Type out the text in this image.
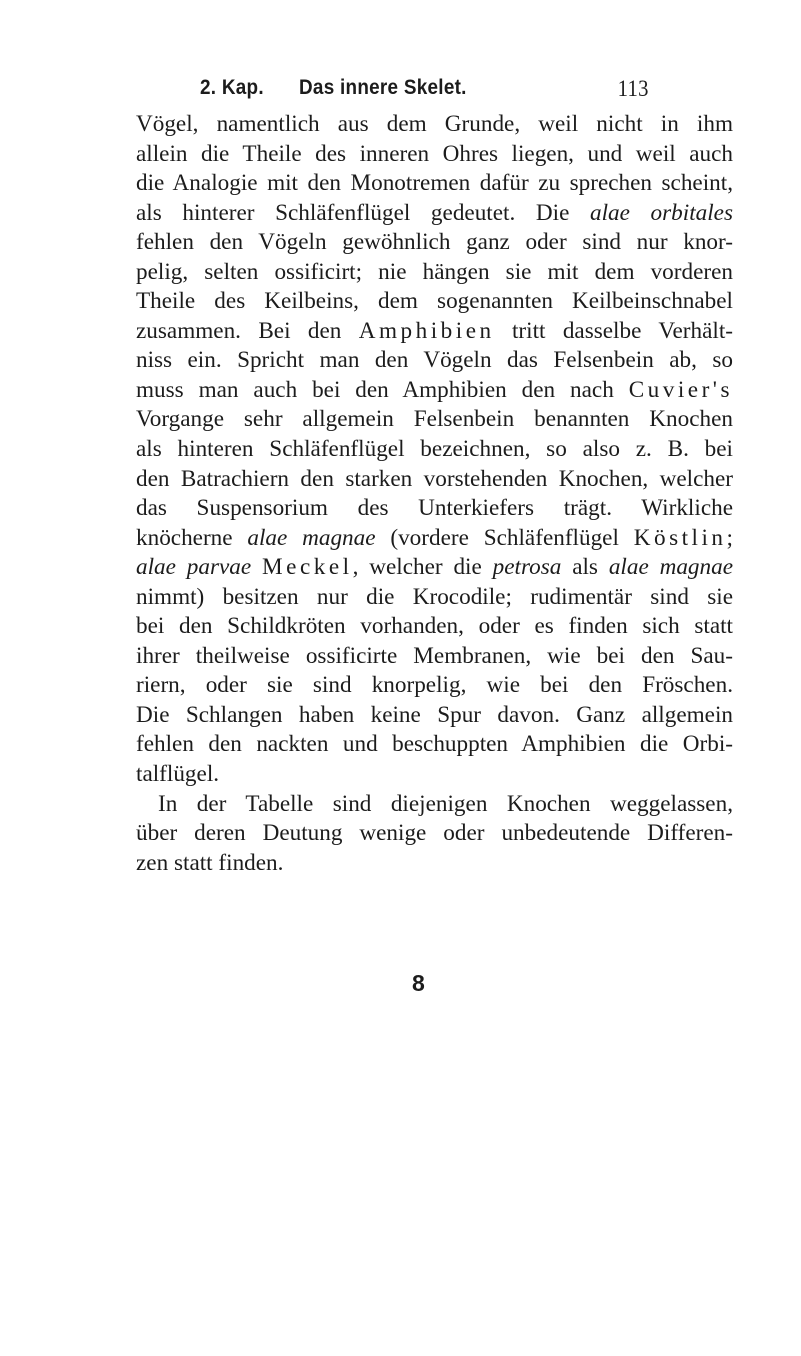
2. Kap. Das innere Skelet.	113
Vögel, namentlich aus dem Grunde, weil nicht in ihm
allein die Theile des inneren Ohres liegen, und weil auch
die Analogie mit den Monotremen dafür zu sprechen scheint,
als hinterer Schläfenflügel gedeutet. Die alae orbitales
fehlen den Vögeln gewöhnlich ganz oder sind nur knor-
pelig, selten ossificirt; nie hängen sie mit dem vorderen
Theile des Keilbeins, dem sogenannten Keilbeinschnabel
zusammen. Bei den Amphibien tritt dasselbe Verhält-
niss ein. Spricht man den Vögeln das Felsenbein ab, so
muss man auch bei den Amphibien den nach Cuvier's
Vorgange sehr allgemein Felsenbein benannten Knochen
als hinteren Schläfenflügel bezeichnen, so also z. B. bei
den Batrachiern den starken vorstehenden Knochen, welcher
das Suspensorium des Unterkiefers trägt. Wirkliche
knöcherne alae magnae (vordere Schläfenflügel Köstlin;
alae parvae Meckel, welcher die petrosa als alae magnae
nimmt) besitzen nur die Krocodile; rudimentär sind sie
bei den Schildkröten vorhanden, oder es finden sich statt
ihrer theilweise ossificirte Membranen, wie bei den Sau-
riern, oder sie sind knorpelig, wie bei den Fröschen.
Die Schlangen haben keine Spur davon. Ganz allgemein
fehlen den nackten und beschuppten Amphibien die Orbi-
talflügel.
In der Tabelle sind diejenigen Knochen weggelassen,
über deren Deutung wenige oder unbedeutende Differen-
zen statt finden.
8
